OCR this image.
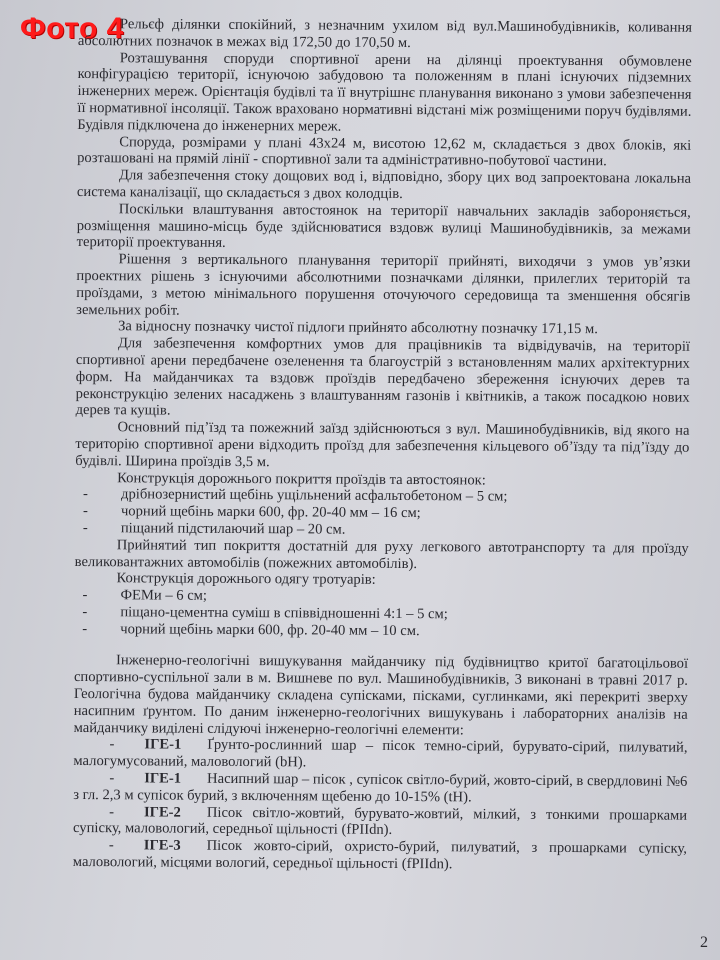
Фото 4

Рельєф ділянки спокійний, з незначним ухилом від вул.Машинобудівників, коливання абсолютних позначок в межах від 172,50 до 170,50 м.

Розташування споруди спортивної арени на ділянці проектування обумовлене конфігурацією території, існуючою забудовою та положенням в плані існуючих підземних інженерних мереж. Орієнтація будівлі та її внутрішнє планування виконано з умови забезпечення її нормативної інсоляції. Також враховано нормативні відстані між розміщеними поруч будівлями. Будівля підключена до інженерних мереж.

Споруда, розмірами у плані 43х24 м, висотою 12,62 м, складається з двох блоків, які розташовані на прямій лінії - спортивної зали та адміністративно-побутової частини.

Для забезпечення стоку дощових вод і, відповідно, збору цих вод запроектована локальна система каналізації, що складається з двох колодців.

Поскільки влаштування автостоянок на території навчальних закладів забороняється, розміщення машино-місць буде здійснюватися вздовж вулиці Машинобудівників, за межами території проектування.

Рішення з вертикального планування території прийняті, виходячи з умов ув’язки проектних рішень з існуючими абсолютними позначками ділянки, прилеглих територій та проїздами, з метою мінімального порушення оточуючого середовища та зменшення обсягів земельних робіт.

За відносну позначку чистої підлоги прийнято абсолютну позначку 171,15 м.

Для забезпечення комфортних умов для працівників та відвідувачів, на території спортивної арени передбачене озеленення та благоустрій з встановленням малих архітектурних форм. На майданчиках та вздовж проїздів передбачено збереження існуючих дерев та реконструкцію зелених насаджень з влаштуванням газонів і квітників, а також посадкою нових дерев та кущів.

Основний під’їзд та пожежний заїзд здійснюються з вул. Машинобудівників, від якого на територію спортивної арени відходить проїзд для забезпечення кільцевого об’їзду та під’їзду до будівлі. Ширина проїздів 3,5 м.

Конструкція дорожнього покриття проїздів та автостоянок:

- дрібнозернистий щебінь ущільнений асфальтобетоном – 5 см;

- чорний щебінь марки 600, фр. 20-40 мм – 16 см;

- піщаний підстилаючий шар – 20 см.

Прийнятий тип покриття достатній для руху легкового автотранспорту та для проїзду великовантажних автомобілів (пожежних автомобілів).

Конструкція дорожнього одягу тротуарів:

- ФЕМи – 6 см;

- піщано-цементна суміш в співвідношенні 4:1 – 5 см;

- чорний щебінь марки 600, фр. 20-40 мм – 10 см.

Інженерно-геологічні вишукування майданчику під будівництво критої багатоцільової спортивно-суспільної зали в м. Вишневе по вул. Машинобудівників, 3 виконані в травні 2017 р. Геологічна будова майданчику складена супісками, пісками, суглинками, які перекриті зверху насипним ґрунтом. По даним інженерно-геологічних вишукувань і лабораторних аналізів на майданчику виділені слідуючі інженерно-геологічні елементи:

- ІГЕ-1 Ґрунто-рослинний шар – пісок темно-сірий, бурувато-сірий, пилуватий, малогумусований, маловологий (bH).

- ІГЕ-1 Насипний шар – пісок , супісок світло-бурий, жовто-сірий, в свердловині №6 з гл. 2,3 м супісок бурий, з включенням щебеню до 10-15% (tH).

- ІГЕ-2 Пісок світло-жовтий, бурувато-жовтий, мілкий, з тонкими прошарками супіску, маловологий, середньої щільності (fPIIdn).

- ІГЕ-3 Пісок жовто-сірий, охристо-бурий, пилуватий, з прошарками супіску, маловологий, місцями вологий, середньої щільності (fPIIdn).

2
